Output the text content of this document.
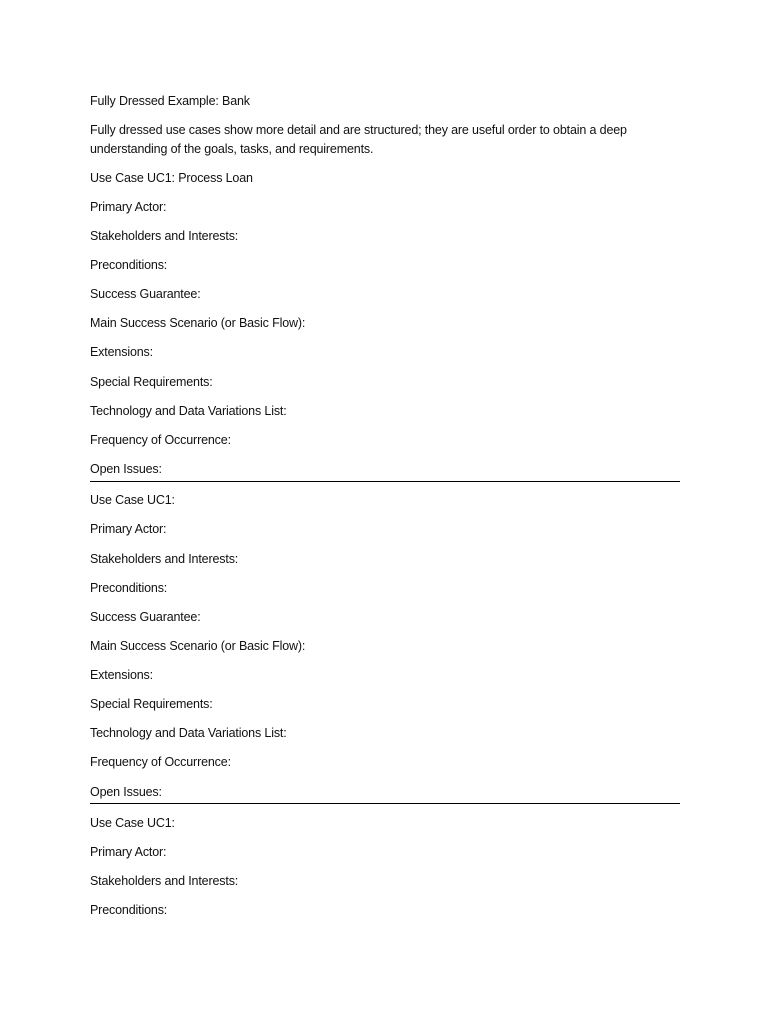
Fully Dressed Example: Bank
Fully dressed use cases show more detail and are structured; they are useful order to obtain a deep understanding of the goals, tasks, and requirements.
Use Case UC1: Process Loan
Primary Actor:
Stakeholders and Interests:
Preconditions:
Success Guarantee:
Main Success Scenario (or Basic Flow):
Extensions:
Special Requirements:
Technology and Data Variations List:
Frequency of Occurrence:
Open Issues:
Use Case UC1:
Primary Actor:
Stakeholders and Interests:
Preconditions:
Success Guarantee:
Main Success Scenario (or Basic Flow):
Extensions:
Special Requirements:
Technology and Data Variations List:
Frequency of Occurrence:
Open Issues:
Use Case UC1:
Primary Actor:
Stakeholders and Interests:
Preconditions:
